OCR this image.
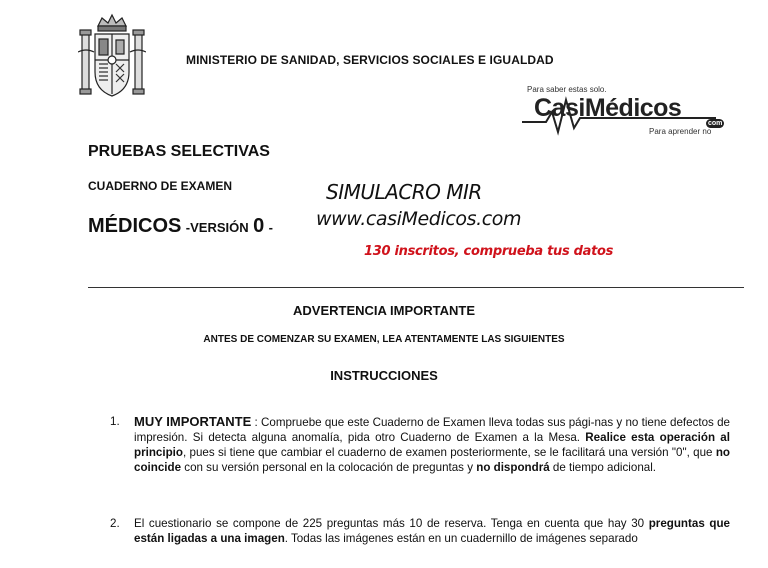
MINISTERIO DE SANIDAD, SERVICIOS SOCIALES E IGUALDAD
Para saber estas solo.
CasiMédicos
com
Para aprender no
PRUEBAS SELECTIVAS
CUADERNO DE EXAMEN
MÉDICOS -VERSIÓN 0 -
SIMULACRO MIR
www.casiMedicos.com
130 inscritos, comprueba tus datos
ADVERTENCIA IMPORTANTE
ANTES DE COMENZAR SU EXAMEN, LEA ATENTAMENTE LAS SIGUIENTES
INSTRUCCIONES
1. MUY IMPORTANTE : Compruebe que este Cuaderno de Examen lleva todas sus pági-nas y no tiene defectos de impresión. Si detecta alguna anomalía, pida otro Cuaderno de Examen a la Mesa. Realice esta operación al principio, pues si tiene que cambiar el cuaderno de examen posteriormente, se le facilitará una versión "0", que no coincide con su versión personal en la colocación de preguntas y no dispondrá de tiempo adicional.
2. El cuestionario se compone de 225 preguntas más 10 de reserva. Tenga en cuenta que hay 30 preguntas que están ligadas a una imagen. Todas las imágenes están en un cuadernillo de imágenes separado
